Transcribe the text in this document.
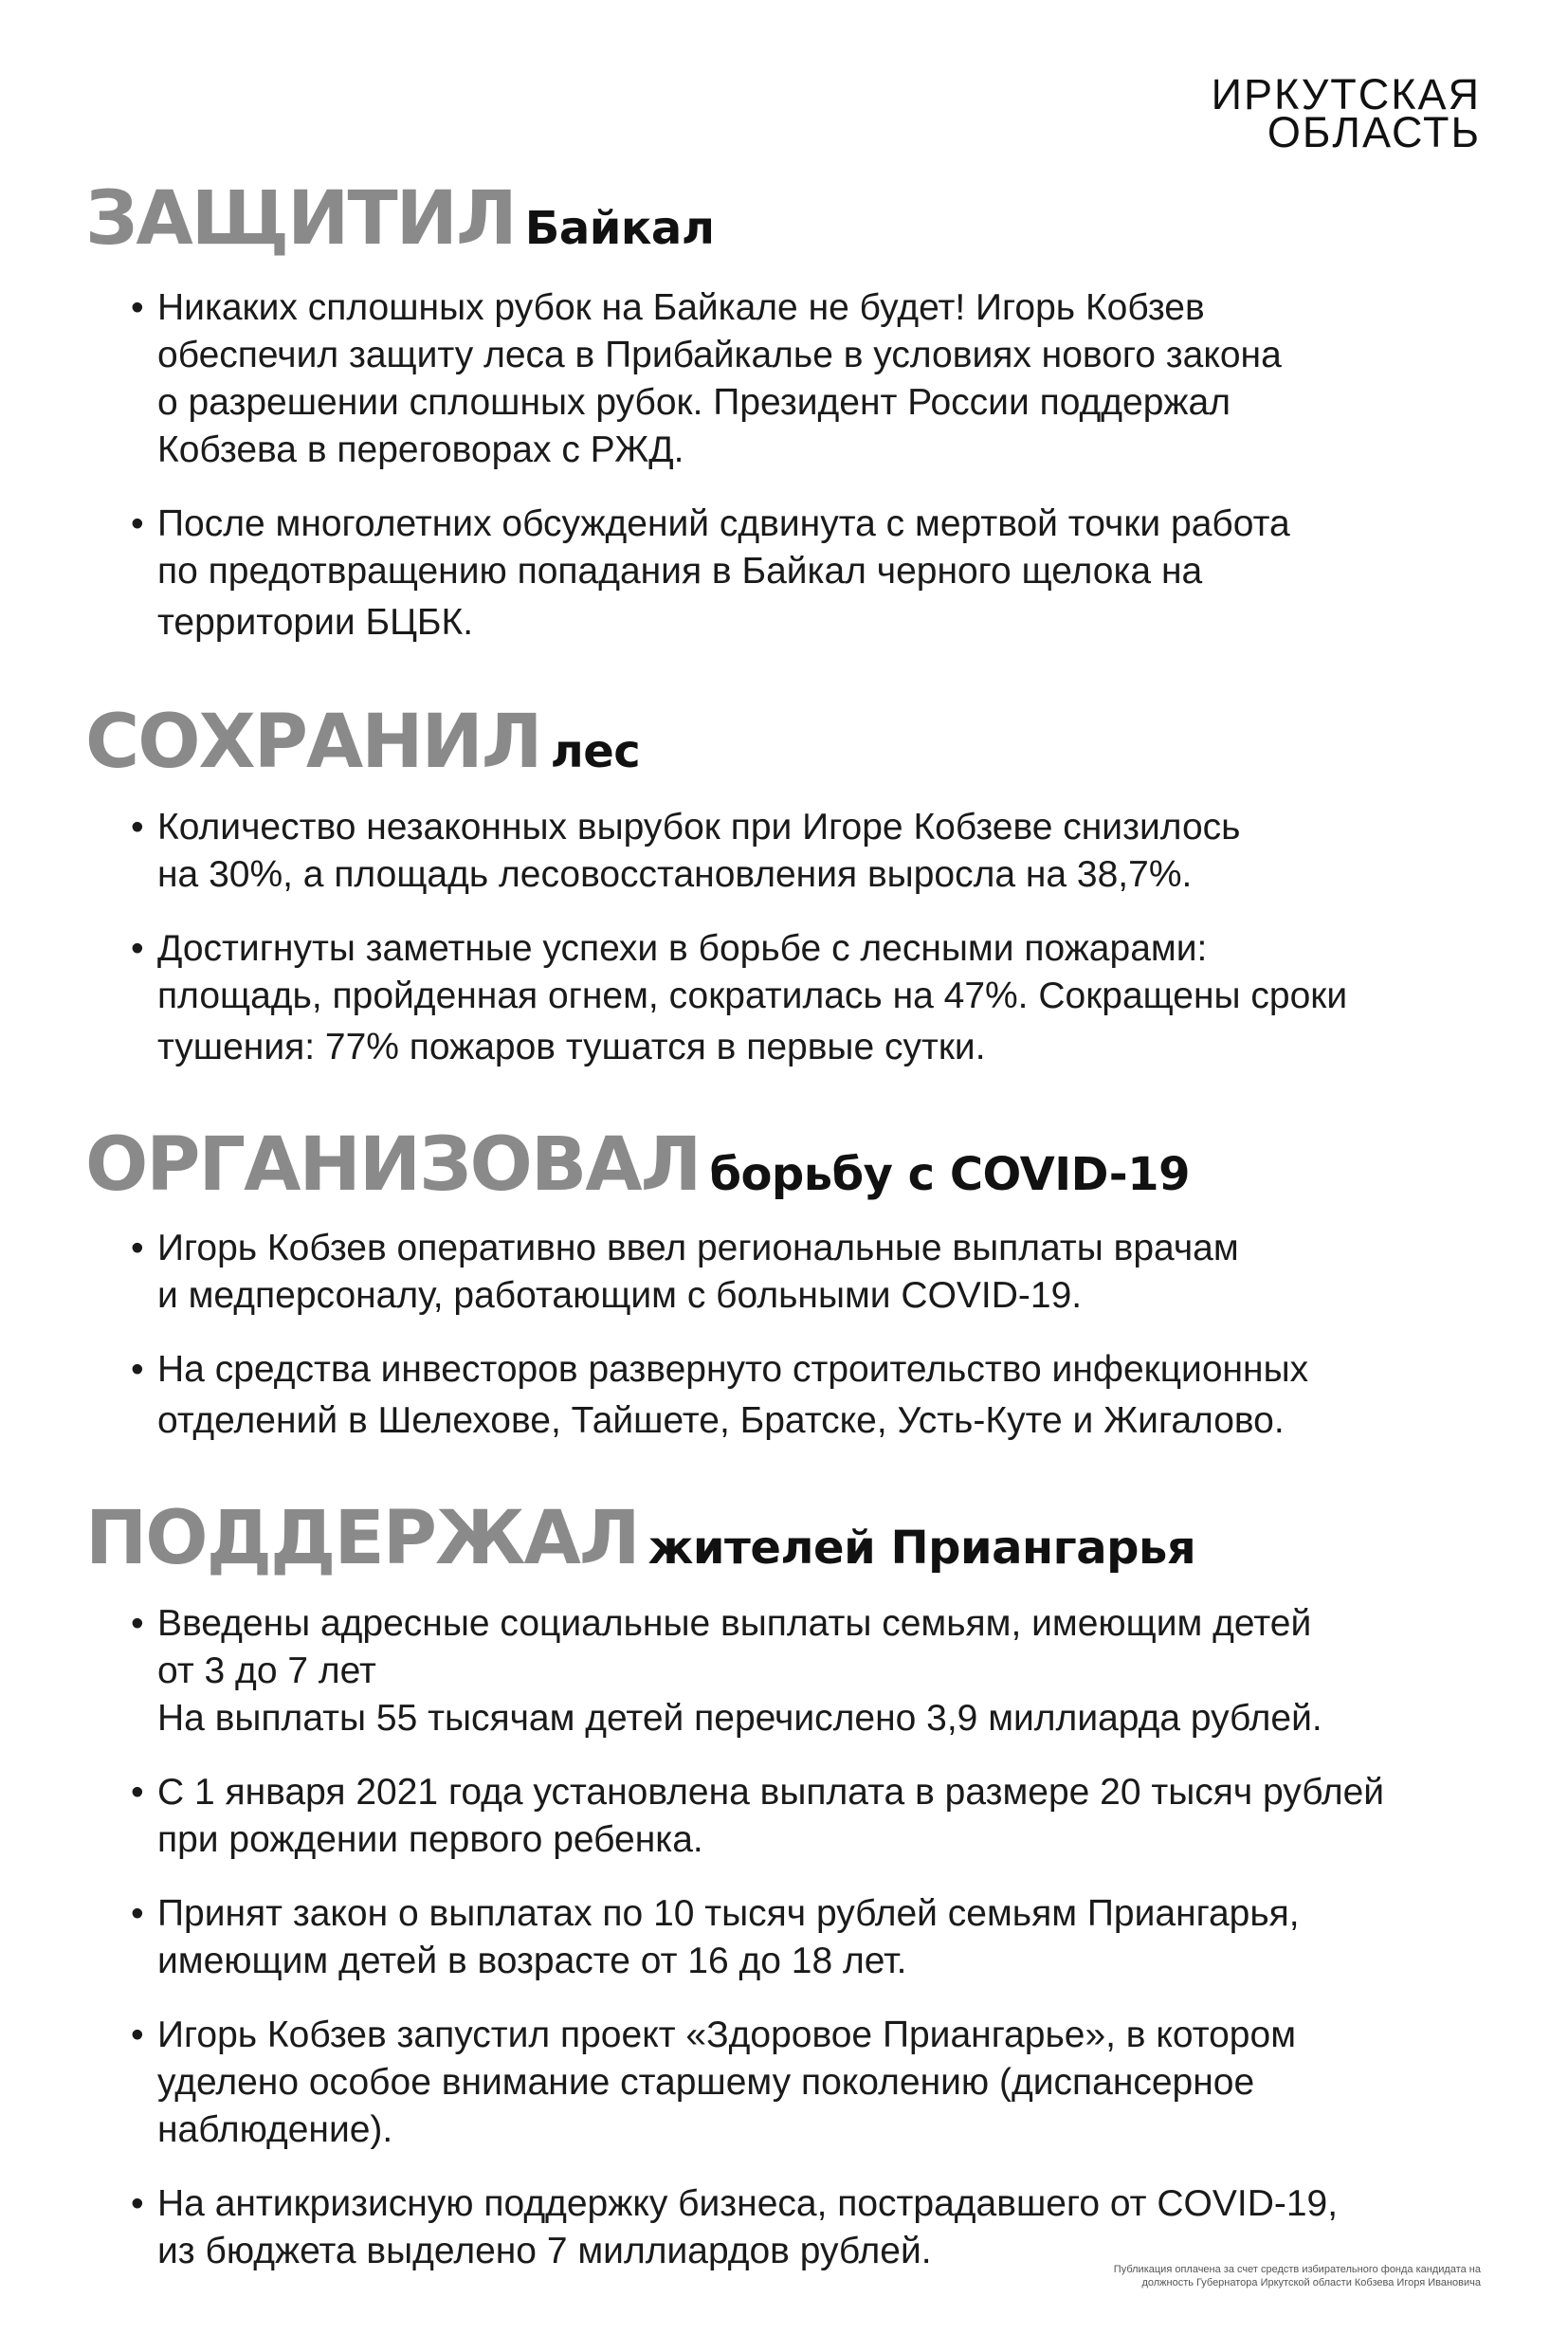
ИРКУТСКАЯ
ОБЛАСТЬ
ЗАЩИТИЛ Байкал
• Никаких сплошных рубок на Байкале не будет! Игорь Кобзев
обеспечил защиту леса в Прибайкалье в условиях нового закона
о разрешении сплошных рубок. Президент России поддержал
Кобзева в переговорах с РЖД.
• После многолетних обсуждений сдвинута с мертвой точки работа
по предотвращению попадания в Байкал черного щелока на
территории БЦБК.
СОХРАНИЛ лес
• Количество незаконных вырубок при Игоре Кобзеве снизилось
на 30%, а площадь лесовосстановления выросла на 38,7%.
• Достигнуты заметные успехи в борьбе с лесными пожарами:
площадь, пройденная огнем, сократилась на 47%. Сокращены сроки
тушения: 77% пожаров тушатся в первые сутки.
ОРГАНИЗОВАЛ борьбу с COVID-19
• Игорь Кобзев оперативно ввел региональные выплаты врачам
и медперсоналу, работающим с больными COVID-19.
• На средства инвесторов развернуто строительство инфекционных
отделений в Шелехове, Тайшете, Братске, Усть-Куте и Жигалово.
ПОДДЕРЖАЛ жителей Приангарья
• Введены адресные социальные выплаты семьям, имеющим детей
от 3 до 7 лет
На выплаты 55 тысячам детей перечислено 3,9 миллиарда рублей.
• С 1 января 2021 года установлена выплата в размере 20 тысяч рублей
при рождении первого ребенка.
• Принят закон о выплатах по 10 тысяч рублей семьям Приангарья,
имеющим детей в возрасте от 16 до 18 лет.
• Игорь Кобзев запустил проект «Здоровое Приангарье», в котором
уделено особое внимание старшему поколению (диспансерное
наблюдение).
• На антикризисную поддержку бизнеса, пострадавшего от COVID-19,
из бюджета выделено 7 миллиардов рублей.	Публикация оплачена за счет средств избирательного фонда кандидата на
должность Губернатора Иркутской области Кобзева Игоря Ивановича
